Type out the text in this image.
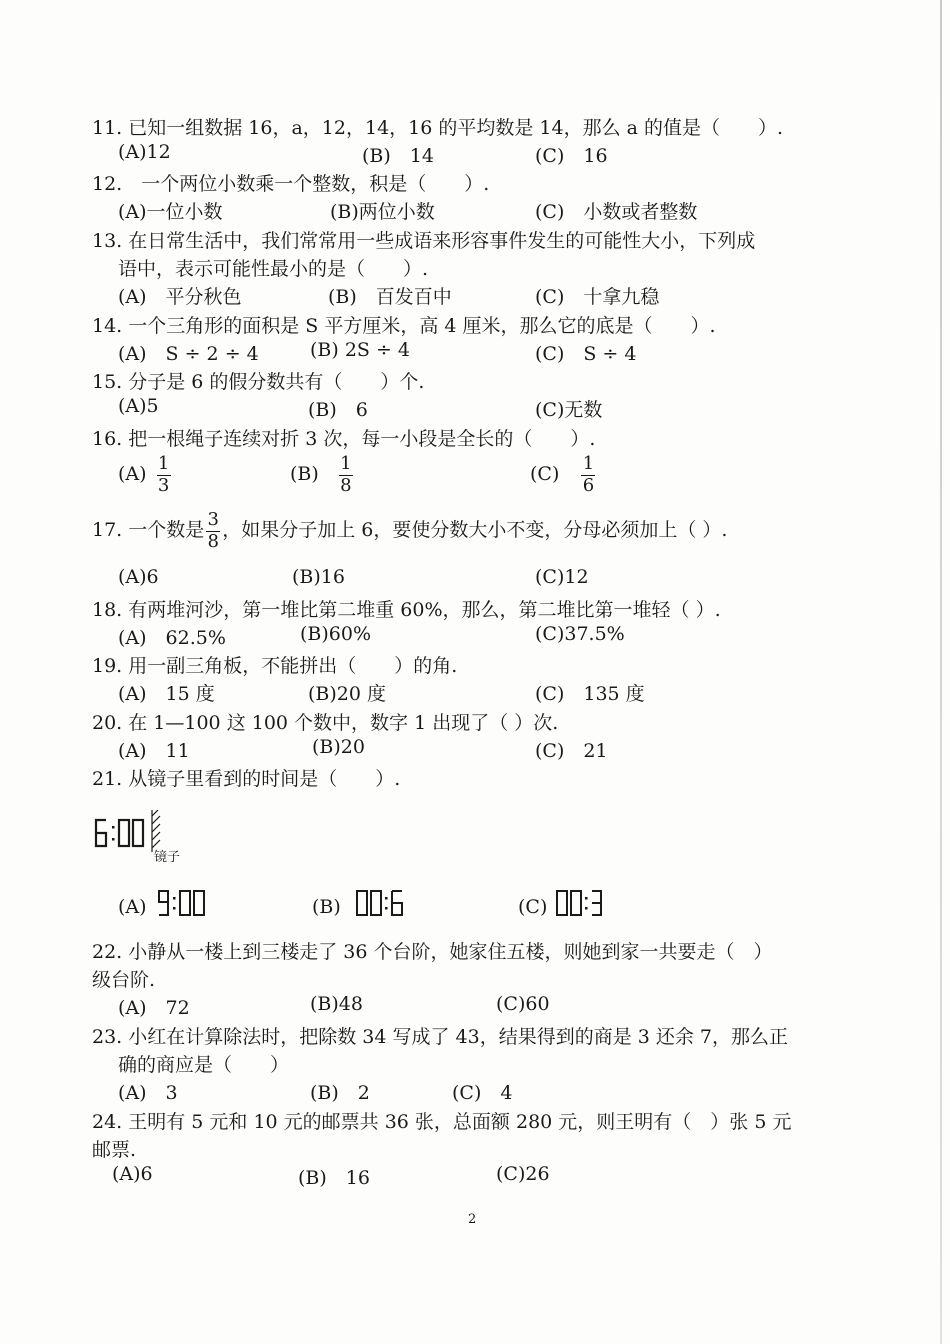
11. 已知一组数据 16，a，12，14，16 的平均数是 14，那么 a 的值是（　　）.
(A)12	(B)　14	(C)　16
12.　一个两位小数乘一个整数，积是（　　）.
(A)一位小数	(B)两位小数	(C)　小数或者整数
13. 在日常生活中，我们常常用一些成语来形容事件发生的可能性大小，下列成
语中，表示可能性最小的是（　　）.
(A)　平分秋色	(B)　百发百中	(C)　十拿九稳
14. 一个三角形的面积是 S 平方厘米，高 4 厘米，那么它的底是（　　）.
(A)　S ÷ 2 ÷ 4	(B) 2S ÷ 4	(C)　S ÷ 4
15. 分子是 6 的假分数共有（　　）个.
(A)5	(B)　6	(C)无数
16. 把一根绳子连续对折 3 次，每一小段是全长的（　　）.
$(A) \frac{1}{3}$	$(B) \frac{1}{8}$	$(C) \frac{1}{6}$
17. 一个数是 $\frac{3}{8}$ ，如果分子加上 6，要使分数大小不变，分母必须加上（ ）.
(A)6	(B)16	(C)12
18. 有两堆河沙，第一堆比第二堆重 60%，那么，第二堆比第一堆轻（ ）.
(A)　62.5%	(B)60%	(C)37.5%
19. 用一副三角板，不能拼出（　　）的角.
(A)　15 度	(B)20 度	(C)　135 度
20. 在 1—100 这 100 个数中，数字 1 出现了（ ）次.
(A)　11	(B)20	(C)　21
21. 从镜子里看到的时间是（　　）.
镜子
(A)	(B)	(C)
22. 小静从一楼上到三楼走了 36 个台阶，她家住五楼，则她到家一共要走（　）
级台阶.
(A)　72	(B)48	(C)60
23. 小红在计算除法时，把除数 34 写成了 43，结果得到的商是 3 还余 7，那么正
确的商应是（　　）
(A)　3	(B)　2	(C)　4
24. 王明有 5 元和 10 元的邮票共 36 张，总面额 280 元，则王明有（　）张 5 元
邮票.
(A)6	(B)　16	(C)26
2
